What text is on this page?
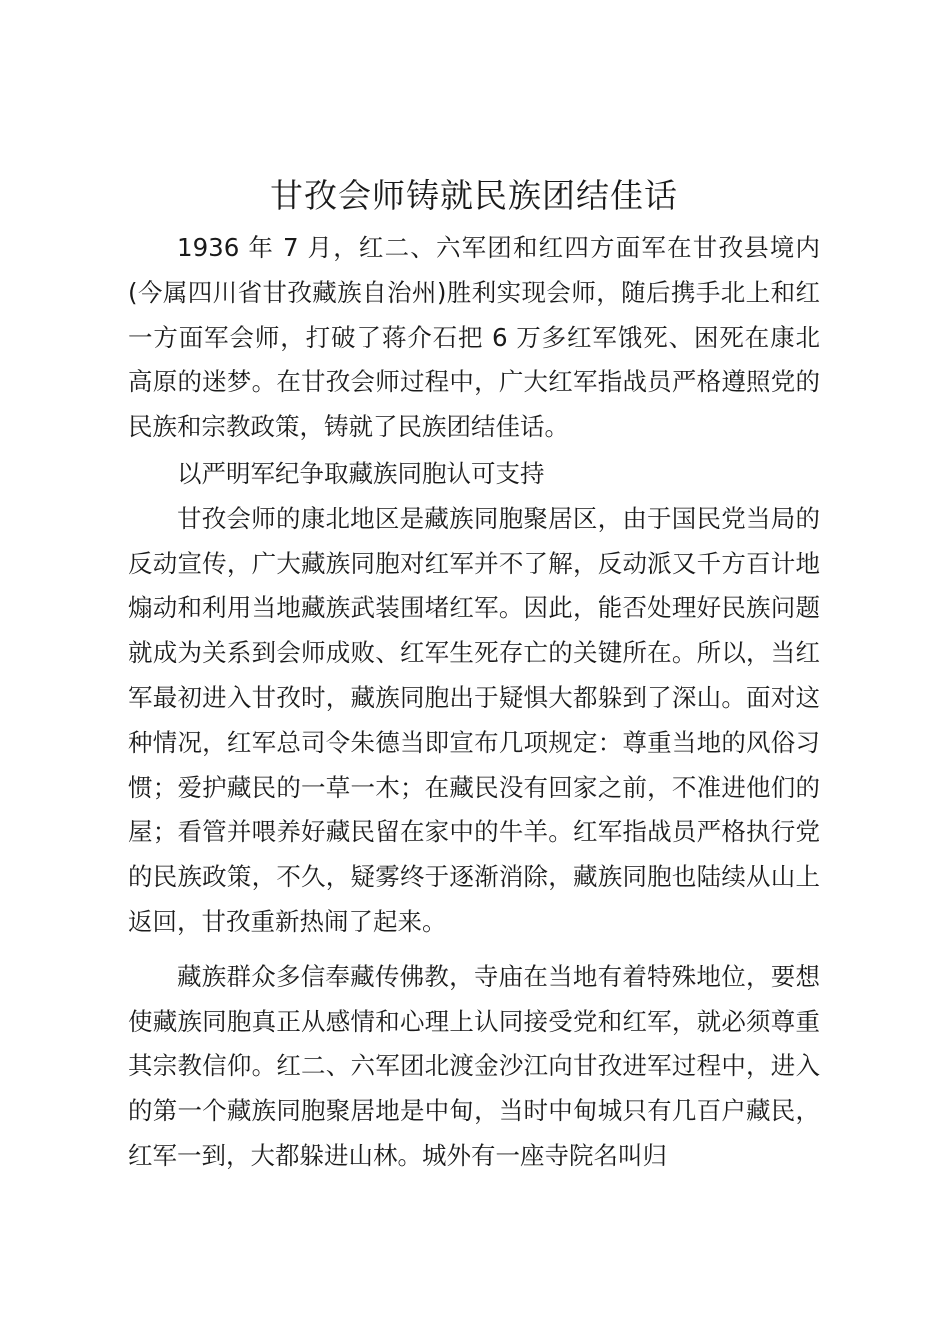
甘孜会师铸就民族团结佳话

1936 年 7 月，红二、六军团和红四方面军在甘孜县境内(今属四川省甘孜藏族自治州)胜利实现会师，随后携手北上和红一方面军会师，打破了蒋介石把 6 万多红军饿死、困死在康北高原的迷梦。在甘孜会师过程中，广大红军指战员严格遵照党的民族和宗教政策，铸就了民族团结佳话。

以严明军纪争取藏族同胞认可支持

甘孜会师的康北地区是藏族同胞聚居区，由于国民党当局的反动宣传，广大藏族同胞对红军并不了解，反动派又千方百计地煽动和利用当地藏族武装围堵红军。因此，能否处理好民族问题就成为关系到会师成败、红军生死存亡的关键所在。所以，当红军最初进入甘孜时，藏族同胞出于疑惧大都躲到了深山。面对这种情况，红军总司令朱德当即宣布几项规定：尊重当地的风俗习惯；爱护藏民的一草一木；在藏民没有回家之前，不准进他们的屋；看管并喂养好藏民留在家中的牛羊。红军指战员严格执行党的民族政策，不久，疑雾终于逐渐消除，藏族同胞也陆续从山上返回，甘孜重新热闹了起来。

藏族群众多信奉藏传佛教，寺庙在当地有着特殊地位，要想使藏族同胞真正从感情和心理上认同接受党和红军，就必须尊重其宗教信仰。红二、六军团北渡金沙江向甘孜进军过程中，进入的第一个藏族同胞聚居地是中甸，当时中甸城只有几百户藏民，红军一到，大都躲进山林。城外有一座寺院名叫归
